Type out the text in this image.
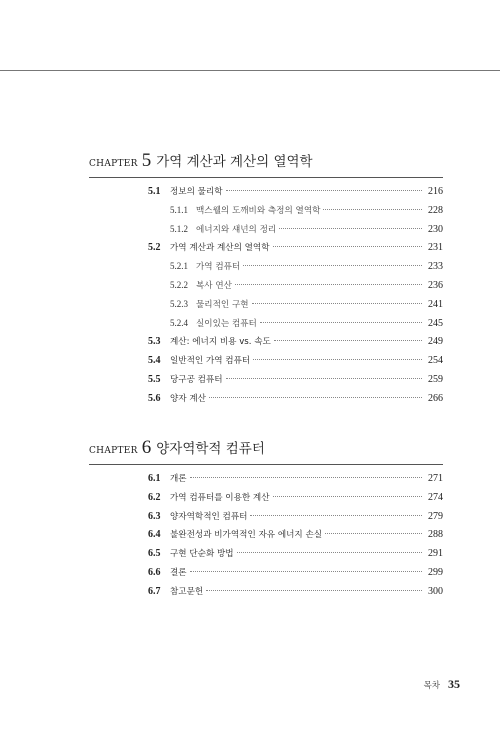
CHAPTER 5 가역 계산과 계산의 열역학
5.1	정보의 물리학	216
5.1.1 맥스웰의 도깨비와 측정의 열역학	228
5.1.2 에너지와 섀넌의 정리	230
5.2	가역 계산과 계산의 열역학	231
5.2.1 가역 컴퓨터	233
5.2.2 복사 연산	236
5.2.3 물리적인 구현	241
5.2.4 실이있는 컴퓨터	245
5.3	계산: 에너지 비용 vs. 속도	249
5.4	일반적인 가역 컴퓨터	254
5.5	당구공 컴퓨터	259
5.6	양자 계산	266
CHAPTER 6 양자역학적 컴퓨터
6.1	개론	271
6.2	가역 컴퓨터를 이용한 계산	274
6.3	양자역학적인 컴퓨터	279
6.4	불완전성과 비가역적인 자유 에너지 손실	288
6.5	구현 단순화 방법	291
6.6	결론	299
6.7	참고문헌	300
목차 35
